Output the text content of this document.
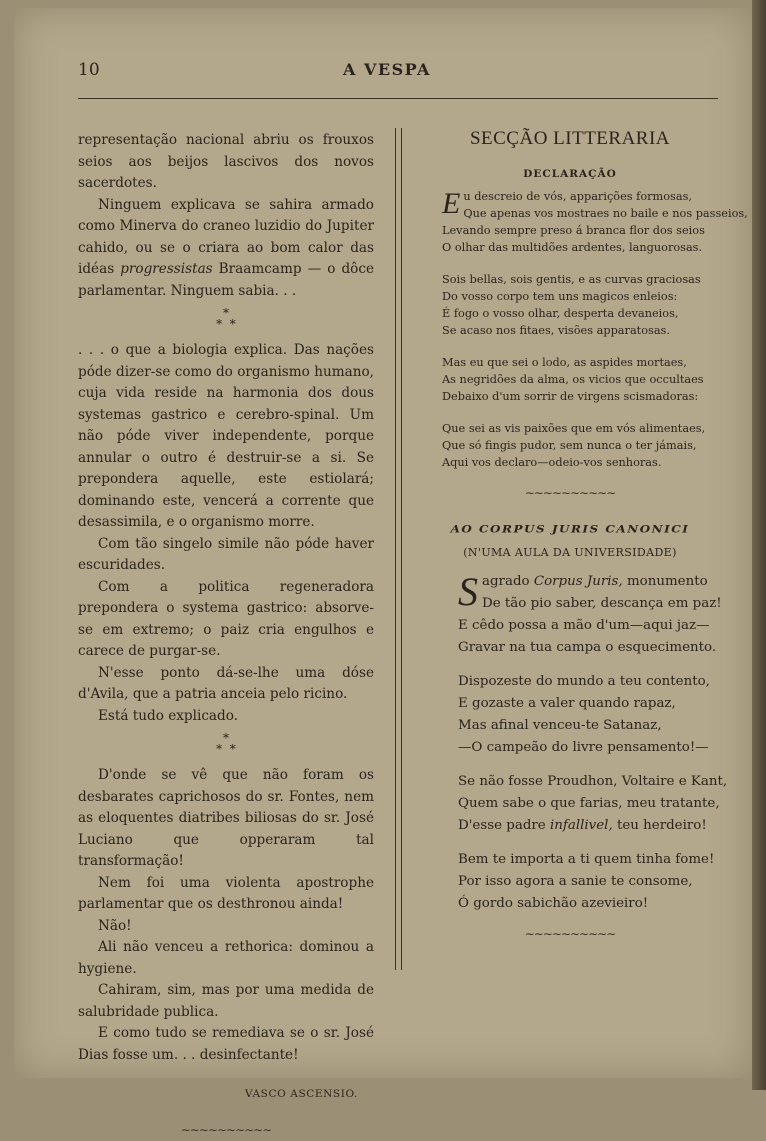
10	A VESPA

representação nacional abriu os frouxos seios aos beijos lascivos dos novos sacerdotes.

Ninguem explicava se sahira armado como Minerva do craneo luzidio do Jupiter cahido, ou se o criara ao bom calor das idéas progressistas Braamcamp — o dôce parlamentar. Ninguem sabia. . .

*
*  *

. . . o que a biologia explica. Das nações póde dizer-se como do organismo humano, cuja vida reside na harmonia dos dous systemas gastrico e cerebro-spinal. Um não póde viver independente, porque annular o outro é destruir-se a si. Se prepondera aquelle, este estiolará; dominando este, vencerá a corrente que desassimila, e o organismo morre.

Com tão singelo simile não póde haver escuridades.

Com a politica regeneradora prepondera o systema gastrico: absorve-se em extremo; o paiz cria engulhos e carece de purgar-se.

N'esse ponto dá-se-lhe uma dóse d'Avila, que a patria anceia pelo ricino.

Está tudo explicado.

*
*  *

D'onde se vê que não foram os desbarates caprichosos do sr. Fontes, nem as eloquentes diatribes biliosas do sr. José Luciano que opperaram tal transformação!

Nem foi uma violenta apostrophe parlamentar que os desthronou ainda!

Não!

Ali não venceu a rethorica: dominou a hygiene.

Cahiram, sim, mas por uma medida de salubridade publica.

E como tudo se remediava se o sr. José Dias fosse um. . . desinfectante!

VASCO ASCENSIO.
∼∼∼∼∼∼∼∼∼∼
SECÇÃO LITTERARIA
DECLARAÇÃO
E u descreio de vós, apparições formosas,
Que apenas vos mostraes no baile e nos passeios,
Levando sempre preso á branca flor dos seios
O olhar das multidões ardentes, languorosas.
Sois bellas, sois gentis, e as curvas graciosas
Do vosso corpo tem uns magicos enleios:
É fogo o vosso olhar, desperta devaneios,
Se acaso nos fitaes, visões apparatosas.
Mas eu que sei o lodo, as aspides mortaes,
As negridões da alma, os vicios que occultaes
Debaixo d'um sorrir de virgens scismadoras:
Que sei as vis paixões que em vós alimentaes,
Que só fingis pudor, sem nunca o ter jámais,
Aqui vos declaro—odeio-vos senhoras.
∼∼∼∼∼∼∼∼∼∼
AO CORPUS JURIS CANONICI
(N'UMA AULA DA UNIVERSIDADE)
S agrado Corpus Juris, monumento
De tão pio saber, descança em paz!
E cêdo possa a mão d'um—aqui jaz—
Gravar na tua campa o esquecimento.
Dispozeste do mundo a teu contento,
E gozaste a valer quando rapaz,
Mas afinal venceu-te Satanaz,
—O campeão do livre pensamento!—
Se não fosse Proudhon, Voltaire e Kant,
Quem sabe o que farias, meu tratante,
D'esse padre infallivel, teu herdeiro!
Bem te importa a ti quem tinha fome!
Por isso agora a sanie te consome,
Ó gordo sabichão azevieiro!
∼∼∼∼∼∼∼∼∼∼
